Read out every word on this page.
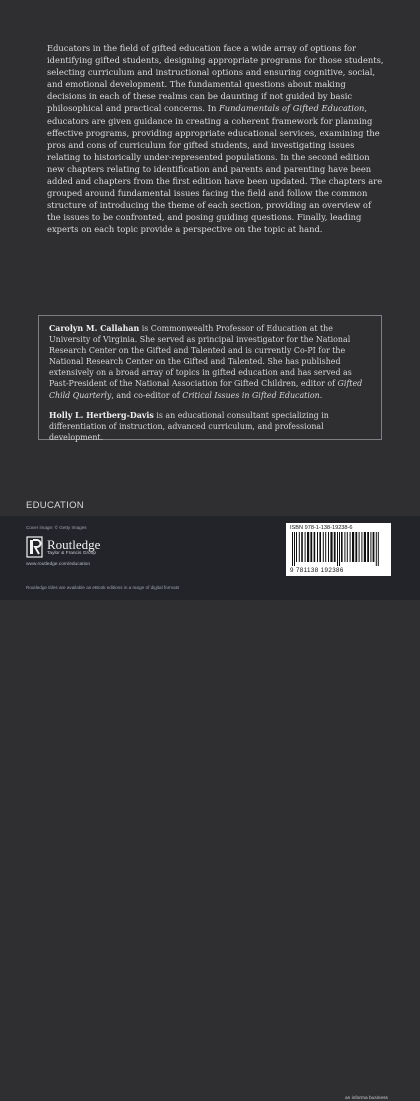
Educators in the field of gifted education face a wide array of options for identifying gifted students, designing appropriate programs for those students, selecting curriculum and instructional options and ensuring cognitive, social, and emotional development. The fundamental questions about making decisions in each of these realms can be daunting if not guided by basic philosophical and practical concerns. In Fundamentals of Gifted Education, educators are given guidance in creating a coherent framework for planning effective programs, providing appropriate educational services, examining the pros and cons of curriculum for gifted students, and investigating issues relating to historically under-represented populations. In the second edition new chapters relating to identification and parents and parenting have been added and chapters from the first edition have been updated. The chapters are grouped around fundamental issues facing the field and follow the common structure of introducing the theme of each section, providing an overview of the issues to be confronted, and posing guiding questions. Finally, leading experts on each topic provide a perspective on the topic at hand.

Carolyn M. Callahan is Commonwealth Professor of Education at the University of Virginia. She served as principal investigator for the National Research Center on the Gifted and Talented and is currently Co-PI for the National Research Center on the Gifted and Talented. She has published extensively on a broad array of topics in gifted education and has served as Past-President of the National Association for Gifted Children, editor of Gifted Child Quarterly, and co-editor of Critical Issues in Gifted Education.

Holly L. Hertberg-Davis is an educational consultant specializing in differentiation of instruction, advanced curriculum, and professional development.

EDUCATION
Cover image: © Getty Images
Routledge
Taylor & Francis Group
www.routledge.com/education
Routledge titles are available as eBook editions in a range of digital formats
an informa business
ISBN 978-1-138-19238-6
9 781138 192386
